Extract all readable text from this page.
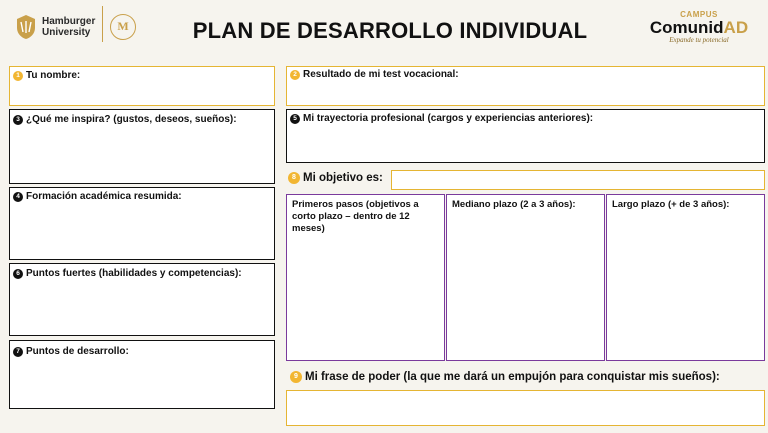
Hamburger
University	M	PLAN DE DESARROLLO INDIVIDUAL
CAMPUS
ComunidAD
Expande tu potencial
1 Tu nombre:
3 ¿Qué me inspira? (gustos, deseos, sueños):
4 Formación académica resumida:
6 Puntos fuertes (habilidades y competencias):
7 Puntos de desarrollo:
2 Resultado de mi test vocacional:
5 Mi trayectoria profesional (cargos y experiencias anteriores):
8 Mi objetivo es:
Primeros pasos (objetivos a corto plazo – dentro de 12 meses)
Mediano plazo (2 a 3 años):	Largo plazo (+ de 3 años):
9 Mi frase de poder (la que me dará un empujón para conquistar mis sueños):
